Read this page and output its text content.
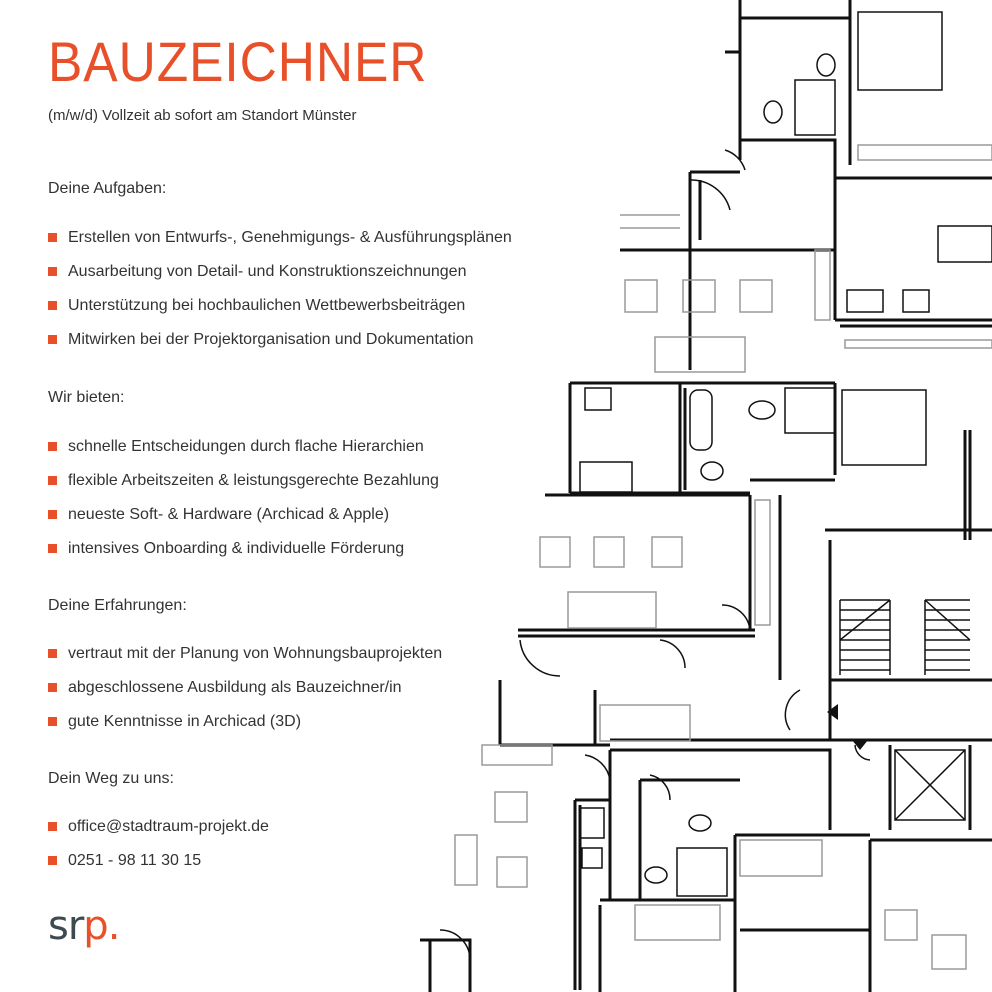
BAUZEICHNER
(m/w/d) Vollzeit ab sofort am Standort Münster
Deine Aufgaben:
Erstellen von Entwurfs-, Genehmigungs- & Ausführungsplänen
Ausarbeitung von Detail- und Konstruktionszeichnungen
Unterstützung bei hochbaulichen Wettbewerbsbeiträgen
Mitwirken bei der Projektorganisation und Dokumentation
Wir bieten:
schnelle Entscheidungen durch flache Hierarchien
flexible Arbeitszeiten & leistungsgerechte Bezahlung
neueste Soft- & Hardware (Archicad & Apple)
intensives Onboarding & individuelle Förderung
Deine Erfahrungen:
vertraut mit der Planung von Wohnungsbauprojekten
abgeschlossene Ausbildung als Bauzeichner/in
gute Kenntnisse in Archicad (3D)
Dein Weg zu uns:
office@stadtraum-projekt.de
0251 - 98 11 30 15
srp.
